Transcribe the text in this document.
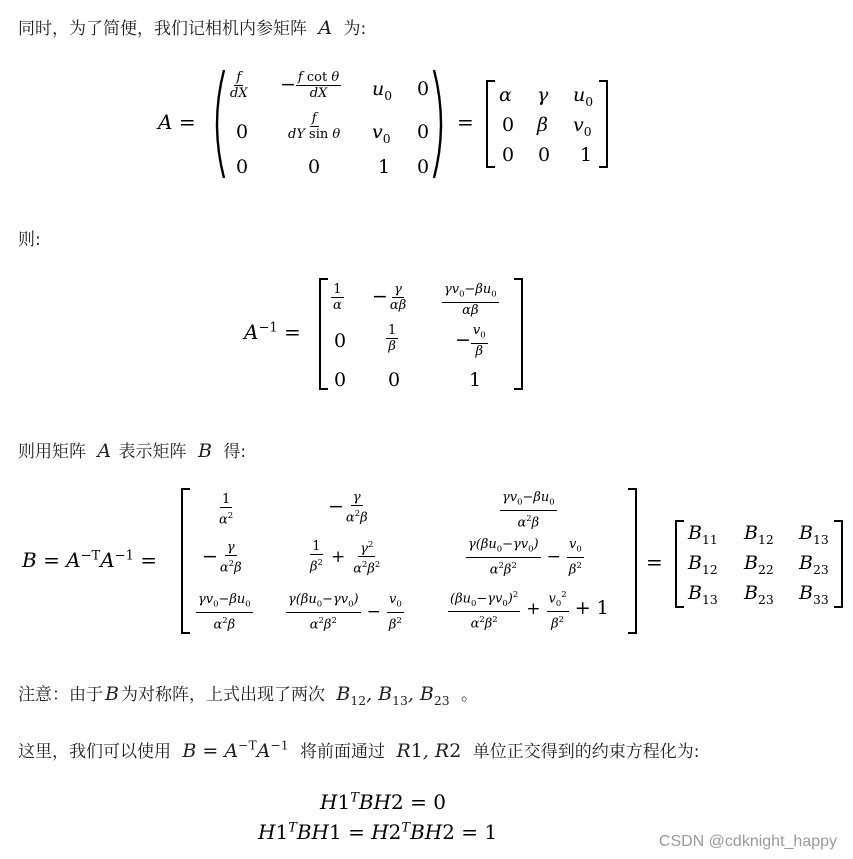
同时，为了简便，我们记相机内参矩阵 A 为:
A =
$\frac{f}{dX} - \frac{\text{f cot θ}}{dX} u_0$ 0
0	$\frac{f}{\text{dY sin θ}} v_0$ 0
0	0	1 0
=
α γ $u_0$
0 β $v_0$
0 0 1
则:
$A^{-1}$ =
$\frac{1}{\alpha} - \frac{\gamma}{\alpha\beta}$	$\frac{\gamma v_0-\beta u_0}{\alpha\beta}$
0	$\frac{1}{\beta}$	− $\frac{v_0}{\beta}$
0 0	1
则用矩阵 A 表示矩阵 B 得:
$B = A^{-T}A^{-1}$ =
$\frac{1}{\alpha^2}$	− $\frac{\gamma}{\alpha^2\beta}$	$\frac{\gamma v_0-\beta u_0}{\alpha^2\beta}$
− $\frac{\gamma}{\alpha^2\beta}$	$\frac{1}{\beta^2} + \frac{\gamma^2}{\alpha^2\beta^2}$	$\frac{\gamma(\beta u_0-\gamma v_0)}{\alpha^2\beta^2} - \frac{v_0}{\beta^2}$
$\frac{\gamma v_0-\beta u_0}{\alpha^2\beta}$	$\frac{\gamma(\beta u_0-\gamma v_0)}{\alpha^2\beta^2} - \frac{v_0}{\beta^2}$	$\frac{(\beta u_0-\gamma v_0)^2}{\alpha^2\beta^2} + \frac{v_0^2}{\beta^2} + 1$
=
$B_{11}$ $B_{12}$ $B_{13}$
$B_{12}$ $B_{22}$ $B_{23}$
$B_{13}$ $B_{23}$ $B_{33}$
注意：由于 B 为对称阵，上式出现了两次 $B_{12}$, $B_{13}$, $B_{23}$ 。
这里，我们可以使用 $B = A^{-T}A^{-1}$ 将前面通过 R1, R2 单位正交得到的约束方程化为:
$H1^TBH2 = 0$
$H1^TBH1 = H2^TBH2 = 1$	CSDN @cdknight_happy
